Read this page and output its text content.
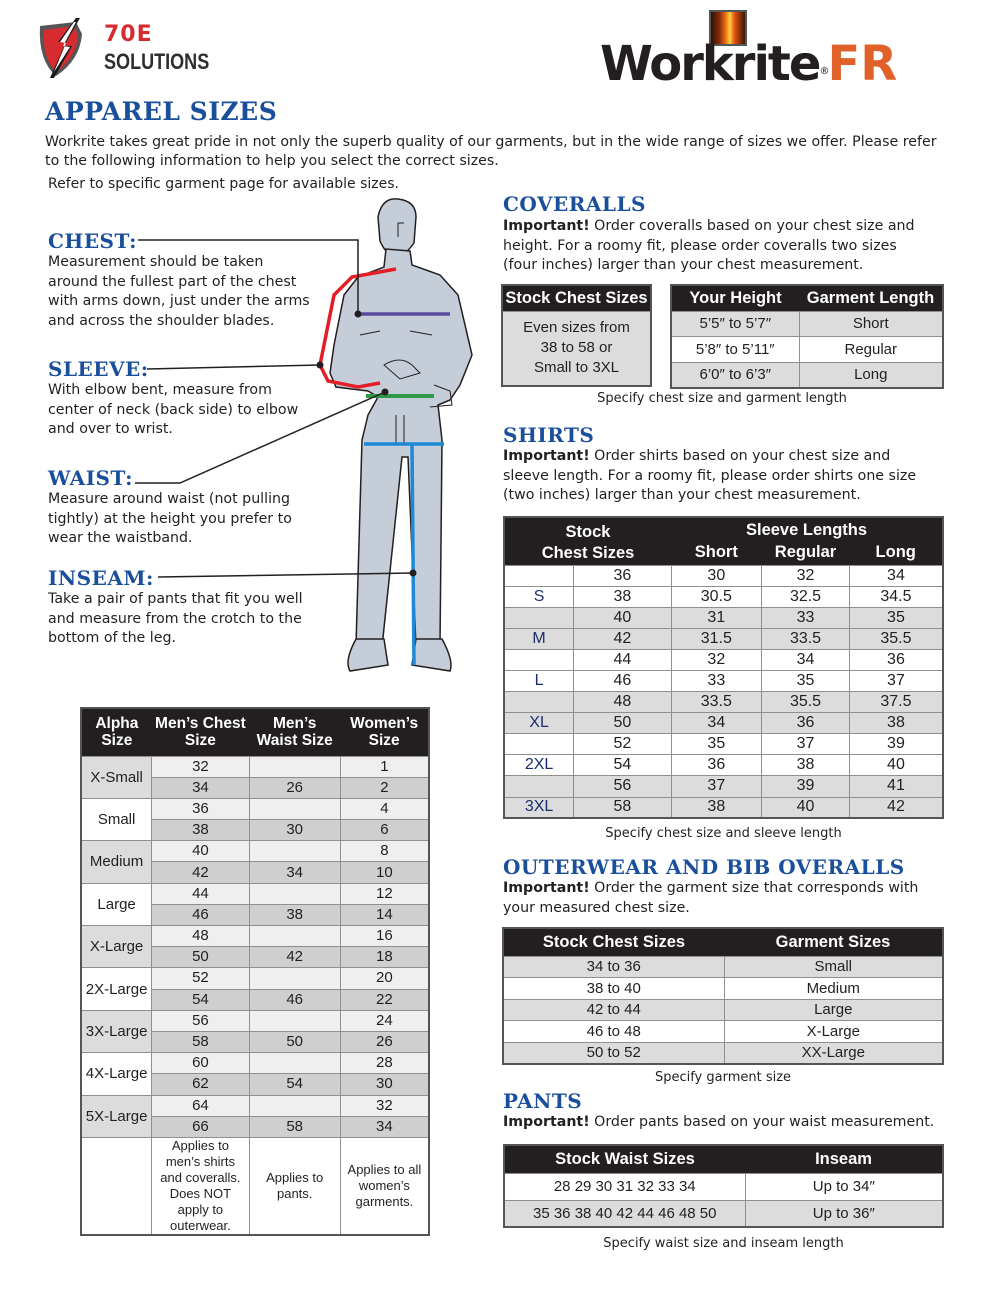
70E
SOLUTIONS	Workrite®FR
APPAREL SIZES
Workrite takes great pride in not only the superb quality of our garments, but in the wide range of sizes we offer. Please refer to the following information to help you select the correct sizes.
Refer to specific garment page for available sizes.
CHEST:
Measurement should be taken around the fullest part of the chest with arms down, just under the arms and across the shoulder blades.
SLEEVE:
With elbow bent, measure from center of neck (back side) to elbow and over to wrist.
WAIST:
Measure around waist (not pulling tightly) at the height you prefer to wear the waistband.
INSEAM:
Take a pair of pants that fit you well and measure from the crotch to the bottom of the leg.
Alpha Size	Men’s Chest Size	Men’s Waist Size	Women’s Size
X-Small	32		1
	34	26	2
Small	36		4
	38	30	6
Medium	40		8
	42	34	10
Large	44		12
	46	38	14
X-Large	48		16
	50	42	18
2X-Large	52		20
	54	46	22
3X-Large	56		24
	58	50	26
4X-Large	60		28
	62	54	30
5X-Large	64		32
	66	58	34
	Applies to men’s shirts and coveralls. Does NOT apply to outerwear.	Applies to pants.	Applies to all women’s garments.
COVERALLS
Important! Order coveralls based on your chest size and height. For a roomy fit, please order coveralls two sizes (four inches) larger than your chest measurement.
Stock Chest Sizes
Even sizes from 38 to 58 or Small to 3XL
Your Height	Garment Length
5’5″ to 5’7″	Short
5’8″ to 5’11″	Regular
6’0″ to 6’3″	Long
Specify chest size and garment length
SHIRTS
Important! Order shirts based on your chest size and sleeve length. For a roomy fit, please order shirts one size (two inches) larger than your chest measurement.
Stock
Chest Sizes		Sleeve Lengths		
		Short	Regular	Long
	36	30	32	34
S	38	30.5	32.5	34.5
	40	31	33	35
M	42	31.5	33.5	35.5
	44	32	34	36
L	46	33	35	37
	48	33.5	35.5	37.5
XL	50	34	36	38
	52	35	37	39
2XL	54	36	38	40
	56	37	39	41
3XL	58	38	40	42
Specify chest size and sleeve length
OUTERWEAR AND BIB OVERALLS
Important! Order the garment size that corresponds with your measured chest size.
Stock Chest Sizes	Garment Sizes
34 to 36	Small
38 to 40	Medium
42 to 44	Large
46 to 48	X-Large
50 to 52	XX-Large
Specify garment size
PANTS
Important! Order pants based on your waist measurement.
Stock Waist Sizes	Inseam
28 29 30 31 32 33 34	Up to 34″
35 36 38 40 42 44 46 48 50	Up to 36″
Specify waist size and inseam length
